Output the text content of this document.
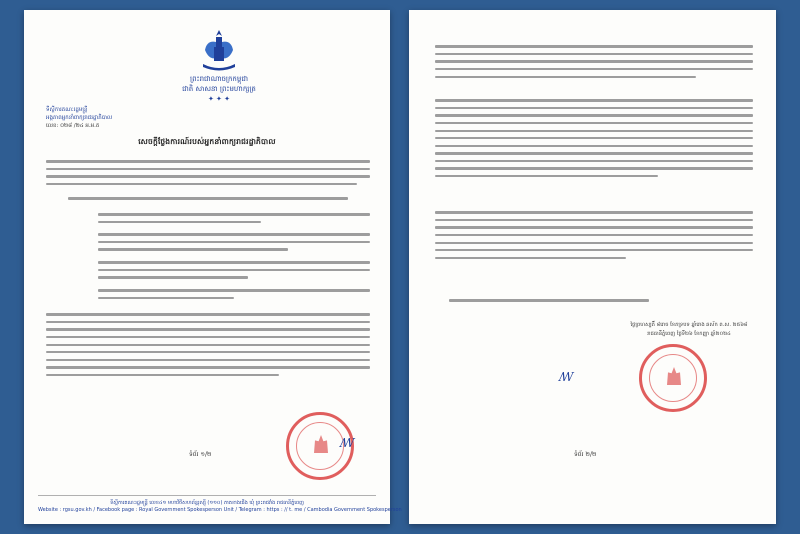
ព្រះរាជាណាចក្រកម្ពុជា
ជាតិ សាសនា ព្រះមហាក្សត្រ
✦ ✦ ✦
ទីស្តីការគណៈរដ្ឋមន្ត្រី
អង្គភាពអ្នកនាំពាក្យរាជរដ្ឋាភិបាល
លេខ: ០២៨ /២៤ អ.អ.ត
សេចក្តីថ្លែងការណ៍របស់អ្នកនាំពាក្យរាជរដ្ឋាភិបាល
ꟿ
ទំព័រ ១/២
ទីស្តីការគណៈរដ្ឋមន្ត្រី លេខ៤១ មហាវិថីសហព័ន្ធរុស្ស៊ី (១១០) ភាគខាងជើង ឃុំ ព្រះរាជវាំង រាជធានីភ្នំពេញ
Website : rgsu.gov.kh / Facebook page : Royal Government Spokesperson Unit / Telegram : https : // t. me / Cambodia Government Spokesperson
ថ្ងៃព្រហស្បតិ៍ ៨រោច ខែភទ្របទ ឆ្នាំរោង ឆស័ក ព.ស. ២៥៦៨
រាជធានីភ្នំពេញ ថ្ងៃទី២៦ ខែកញ្ញា ឆ្នាំ២០២៤
ꟿ
ទំព័រ ២/២
